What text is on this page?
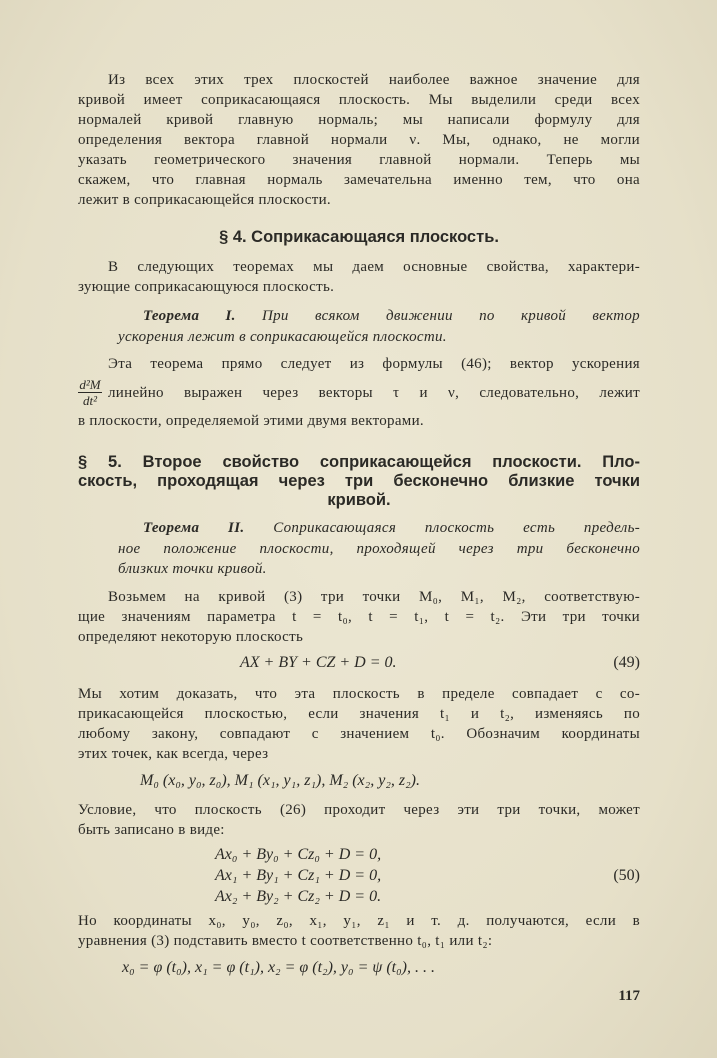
Из всех этих трех плоскостей наиболее важное значение для
кривой имеет соприкасающаяся плоскость. Мы выделили среди всех
нормалей кривой главную нормаль; мы написали формулу для
определения вектора главной нормали ν. Мы, однако, не могли
указать геометрического значения главной нормали. Теперь мы
скажем, что главная нормаль замечательна именно тем, что она
лежит в соприкасающейся плоскости.
§ 4. Соприкасающаяся плоскость.
В следующих теоремах мы даем основные свойства, характери-
зующие соприкасающуюся плоскость.
Теорема I. При всяком движении по кривой вектор
ускорения лежит в соприкасающейся плоскости.
Эта теорема прямо следует из формулы (46); вектор ускорения
d²M
dt² линейно выражен через векторы τ и ν, следовательно, лежит
в плоскости, определяемой этими двумя векторами.
§ 5. Второе свойство соприкасающейся плоскости. Пло-
скость, проходящая через три бесконечно близкие точки
кривой.
Теорема II. Соприкасающаяся плоскость есть предель-
ное положение плоскости, проходящей через три бесконечно
близких точки кривой.
Возьмем на кривой (3) три точки M₀, M₁, M₂, соответствую-
щие значениям параметра t = t₀, t = t₁, t = t₂. Эти три точки
определяют некоторую плоскость
AX + BY + CZ + D = 0.	(49)
Мы хотим доказать, что эта плоскость в пределе совпадает с со-
прикасающейся плоскостью, если значения t₁ и t₂, изменяясь по
любому закону, совпадают с значением t₀. Обозначим координаты
этих точек, как всегда, через
M₀ (x₀, y₀, z₀), M₁ (x₁, y₁, z₁), M₂ (x₂, y₂, z₂).
Условие, что плоскость (26) проходит через эти три точки, может
быть записано в виде:
Ax₀ + By₀ + Cz₀ + D = 0,
Ax₁ + By₁ + Cz₁ + D = 0,
Ax₂ + By₂ + Cz₂ + D = 0.
(50)
Но координаты x₀, y₀, z₀, x₁, y₁, z₁ и т. д. получаются, если в
уравнения (3) подставить вместо t соответственно t₀, t₁ или t₂:
x₀ = φ (t₀), x₁ = φ (t₁), x₂ = φ (t₂), y₀ = ψ (t₀), . . .
117
